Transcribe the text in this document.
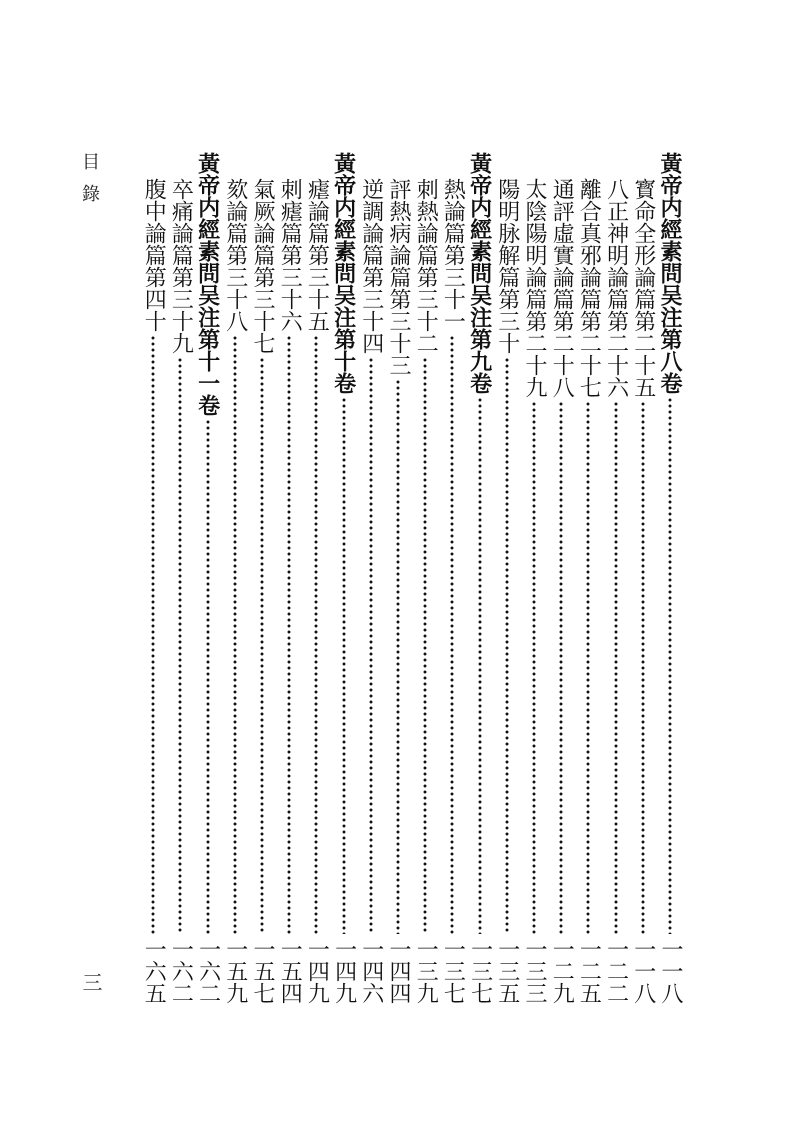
目錄
三
黃帝内經素問吴注第八卷
一一八
寳命全形論篇第二十五
一一八
八正神明論篇第二十六
一二二
離合真邪論篇第二十七
一二五
通評虛實論篇第二十八
一二九
太陰陽明論篇第二十九
一三三
陽明脉解篇第三十
一三五
黃帝内經素問吴注第九卷
一三七
熱論篇第三十一
一三七
刺熱論篇第三十二
一三九
評熱病論篇第三十三
一四四
逆調論篇第三十四
一四六
黃帝内經素問吴注第十卷
一四九
瘧論篇第三十五
一四九
刺瘧篇第三十六
一五四
氣厥論篇第三十七
一五七
欬論篇第三十八
一五九
黃帝内經素問吴注第十一卷
一六二
卒痛論篇第三十九
一六二
腹中論篇第四十
一六五
